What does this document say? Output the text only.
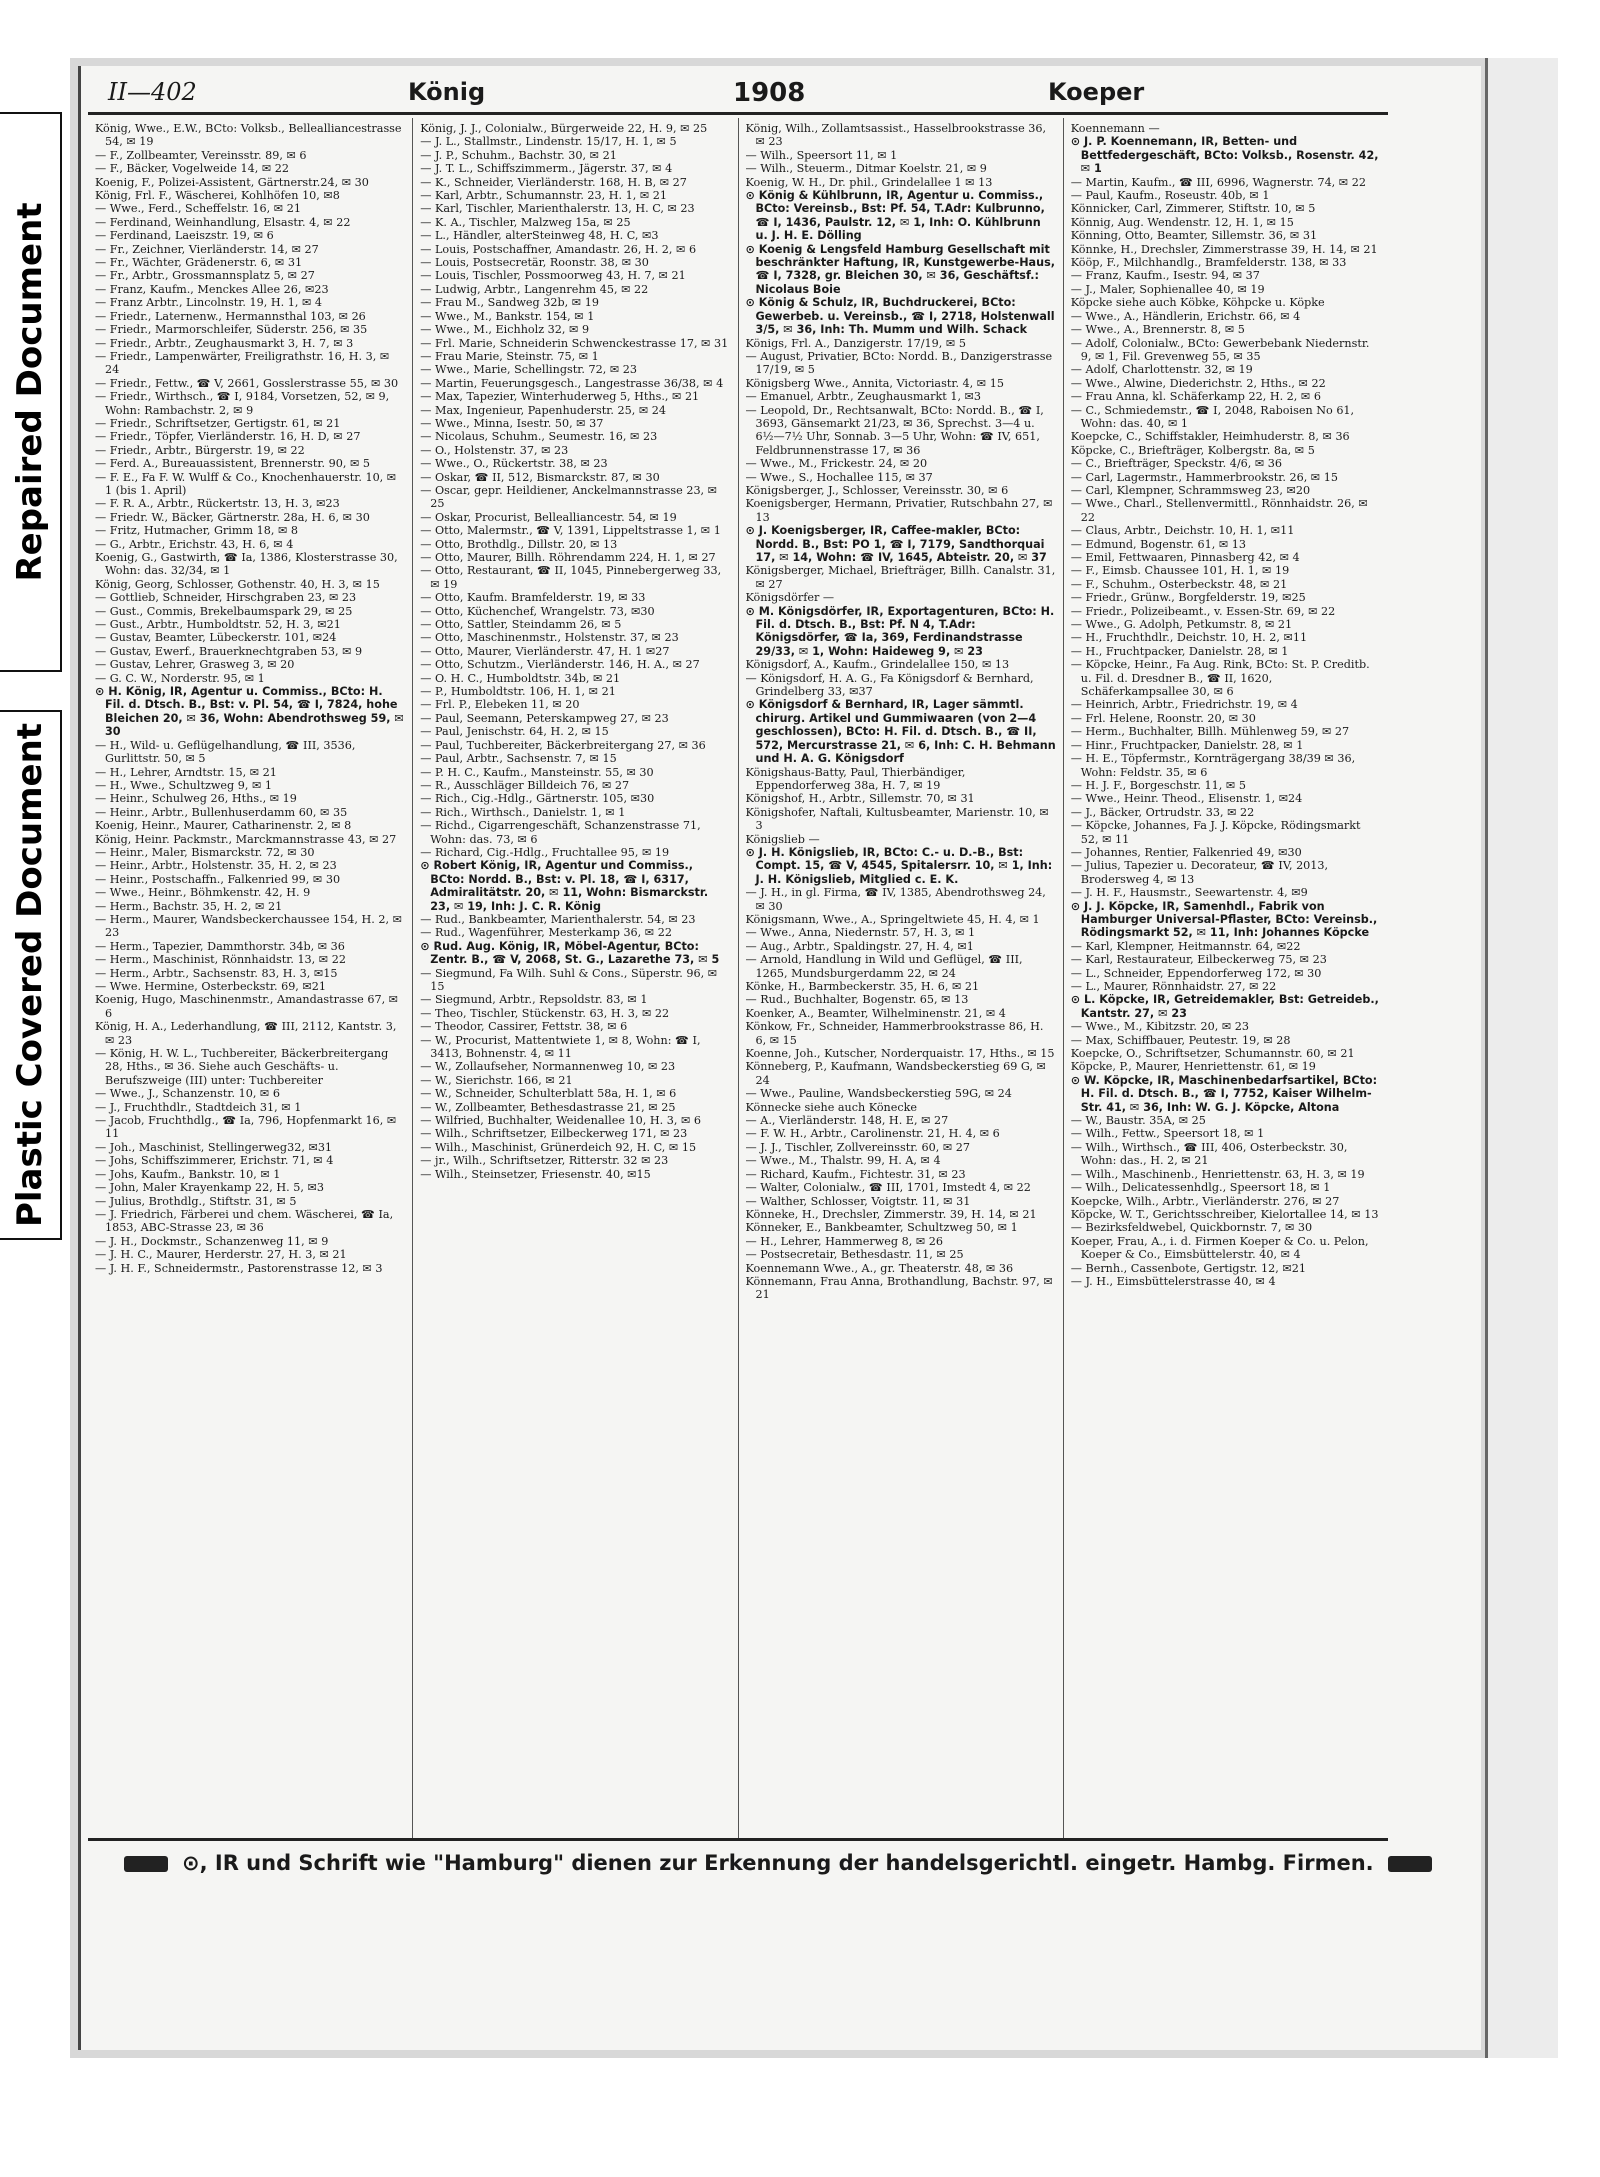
Repaired Document
Plastic Covered Document
II—402	König	1908	Koeper

König, Wwe., E.W., BCto: Volksb., Bellealliancestrasse 54, ✉ 19

— F., Zollbeamter, Vereinsstr. 89, ✉ 6

— F., Bäcker, Vogelweide 14, ✉ 22

Koenig, F., Polizei-Assistent, Gärtnerstr.24, ✉ 30

König, Frl. F., Wäscherei, Kohlhöfen 10, ✉8

— Wwe., Ferd., Scheffelstr. 16, ✉ 21

— Ferdinand, Weinhandlung, Elsastr. 4, ✉ 22

— Ferdinand, Laeiszstr. 19, ✉ 6

— Fr., Zeichner, Vierländerstr. 14, ✉ 27

— Fr., Wächter, Grädenerstr. 6, ✉ 31

— Fr., Arbtr., Grossmannsplatz 5, ✉ 27

— Franz, Kaufm., Menckes Allee 26, ✉23

— Franz Arbtr., Lincolnstr. 19, H. 1, ✉ 4

— Friedr., Laternenw., Hermannsthal 103, ✉ 26

— Friedr., Marmorschleifer, Süderstr. 256, ✉ 35

— Friedr., Arbtr., Zeughausmarkt 3, H. 7, ✉ 3

— Friedr., Lampenwärter, Freiligrathstr. 16, H. 3, ✉ 24

— Friedr., Fettw., ☎ V, 2661, Gosslerstrasse 55, ✉ 30

— Friedr., Wirthsch., ☎ I, 9184, Vorsetzen, 52, ✉ 9, Wohn: Rambachstr. 2, ✉ 9

— Friedr., Schriftsetzer, Gertigstr. 61, ✉ 21

— Friedr., Töpfer, Vierländerstr. 16, H. D, ✉ 27

— Friedr., Arbtr., Bürgerstr. 19, ✉ 22

— Ferd. A., Bureauassistent, Brennerstr. 90, ✉ 5

— F. E., Fa F. W. Wulff & Co., Knochenhauerstr. 10, ✉ 1 (bis 1. April)

— F. R. A., Arbtr., Rückertstr. 13, H. 3, ✉23

— Friedr. W., Bäcker, Gärtnerstr. 28a, H. 6, ✉ 30

— Fritz, Hutmacher, Grimm 18, ✉ 8

— G., Arbtr., Erichstr. 43, H. 6, ✉ 4

Koenig, G., Gastwirth, ☎ Ia, 1386, Klosterstrasse 30, Wohn: das. 32/34, ✉ 1

König, Georg, Schlosser, Gothenstr. 40, H. 3, ✉ 15

— Gottlieb, Schneider, Hirschgraben 23, ✉ 23

— Gust., Commis, Brekelbaumspark 29, ✉ 25

— Gust., Arbtr., Humboldtstr. 52, H. 3, ✉21

— Gustav, Beamter, Lübeckerstr. 101, ✉24

— Gustav, Ewerf., Brauerknechtgraben 53, ✉ 9

— Gustav, Lehrer, Grasweg 3, ✉ 20

— G. C. W., Norderstr. 95, ✉ 1

⊙ H. König, IR, Agentur u. Commiss., BCto: H. Fil. d. Dtsch. B., Bst: v. Pl. 54, ☎ I, 7824, hohe Bleichen 20, ✉ 36, Wohn: Abendrothsweg 59, ✉ 30

— H., Wild- u. Geflügelhandlung, ☎ III, 3536, Gurlittstr. 50, ✉ 5

— H., Lehrer, Arndtstr. 15, ✉ 21

— H., Wwe., Schultzweg 9, ✉ 1

— Heinr., Schulweg 26, Hths., ✉ 19

— Heinr., Arbtr., Bullenhuserdamm 60, ✉ 35

Koenig, Heinr., Maurer, Catharinenstr. 2, ✉ 8

König, Heinr. Packmstr., Marckmannstrasse 43, ✉ 27

— Heinr., Maler, Bismarckstr. 72, ✉ 30

— Heinr., Arbtr., Holstenstr. 35, H. 2, ✉ 23

— Heinr., Postschaffn., Falkenried 99, ✉ 30

— Wwe., Heinr., Böhmkenstr. 42, H. 9

— Herm., Bachstr. 35, H. 2, ✉ 21

— Herm., Maurer, Wandsbeckerchaussee 154, H. 2, ✉ 23

— Herm., Tapezier, Dammthorstr. 34b, ✉ 36

— Herm., Maschinist, Rönnhaidstr. 13, ✉ 22

— Herm., Arbtr., Sachsenstr. 83, H. 3, ✉15

— Wwe. Hermine, Osterbeckstr. 69, ✉21

Koenig, Hugo, Maschinenmstr., Amandastrasse 67, ✉ 6

König, H. A., Lederhandlung, ☎ III, 2112, Kantstr. 3, ✉ 23

— König, H. W. L., Tuchbereiter, Bäckerbreitergang 28, Hths., ✉ 36. Siehe auch Geschäfts- u. Berufszweige (III) unter: Tuchbereiter

— Wwe., J., Schanzenstr. 10, ✉ 6

— J., Fruchthdlr., Stadtdeich 31, ✉ 1

— Jacob, Fruchthdlg., ☎ Ia, 796, Hopfenmarkt 16, ✉ 11

— Joh., Maschinist, Stellingerweg32, ✉31

— Johs, Schiffszimmerer, Erichstr. 71, ✉ 4

— Johs, Kaufm., Bankstr. 10, ✉ 1

— John, Maler Krayenkamp 22, H. 5, ✉3

— Julius, Brothdlg., Stiftstr. 31, ✉ 5

— J. Friedrich, Färberei und chem. Wäscherei, ☎ Ia, 1853, ABC-Strasse 23, ✉ 36

— J. H., Dockmstr., Schanzenweg 11, ✉ 9

— J. H. C., Maurer, Herderstr. 27, H. 3, ✉ 21

— J. H. F., Schneidermstr., Pastorenstrasse 12, ✉ 3

König, J. J., Colonialw., Bürgerweide 22, H. 9, ✉ 25

— J. L., Stallmstr., Lindenstr. 15/17, H. 1, ✉ 5

— J. P., Schuhm., Bachstr. 30, ✉ 21

— J. T. L., Schiffszimmerm., Jägerstr. 37, ✉ 4

— K., Schneider, Vierländerstr. 168, H. B, ✉ 27

— Karl, Arbtr., Schumannstr. 23, H. 1, ✉ 21

— Karl, Tischler, Marienthalerstr. 13, H. C, ✉ 23

— K. A., Tischler, Malzweg 15a, ✉ 25

— L., Händler, alterSteinweg 48, H. C, ✉3

— Louis, Postschaffner, Amandastr. 26, H. 2, ✉ 6

— Louis, Postsecretär, Roonstr. 38, ✉ 30

— Louis, Tischler, Possmoorweg 43, H. 7, ✉ 21

— Ludwig, Arbtr., Langenrehm 45, ✉ 22

— Frau M., Sandweg 32b, ✉ 19

— Wwe., M., Bankstr. 154, ✉ 1

— Wwe., M., Eichholz 32, ✉ 9

— Frl. Marie, Schneiderin Schwenckestrasse 17, ✉ 31

— Frau Marie, Steinstr. 75, ✉ 1

— Wwe., Marie, Schellingstr. 72, ✉ 23

— Martin, Feuerungsgesch., Langestrasse 36/38, ✉ 4

— Max, Tapezier, Winterhuderweg 5, Hths., ✉ 21

— Max, Ingenieur, Papenhuderstr. 25, ✉ 24

— Wwe., Minna, Isestr. 50, ✉ 37

— Nicolaus, Schuhm., Seumestr. 16, ✉ 23

— O., Holstenstr. 37, ✉ 23

— Wwe., O., Rückertstr. 38, ✉ 23

— Oskar, ☎ II, 512, Bismarckstr. 87, ✉ 30

— Oscar, gepr. Heildiener, Anckelmannstrasse 23, ✉ 25

— Oskar, Procurist, Bellealliancestr. 54, ✉ 19

— Otto, Malermstr., ☎ V, 1391, Lippeltstrasse 1, ✉ 1

— Otto, Brothdlg., Dillstr. 20, ✉ 13

— Otto, Maurer, Billh. Röhrendamm 224, H. 1, ✉ 27

— Otto, Restaurant, ☎ II, 1045, Pinnebergerweg 33, ✉ 19

— Otto, Kaufm. Bramfelderstr. 19, ✉ 33

— Otto, Küchenchef, Wrangelstr. 73, ✉30

— Otto, Sattler, Steindamm 26, ✉ 5

— Otto, Maschinenmstr., Holstenstr. 37, ✉ 23

— Otto, Maurer, Vierländerstr. 47, H. 1 ✉27

— Otto, Schutzm., Vierländerstr. 146, H. A., ✉ 27

— O. H. C., Humboldtstr. 34b, ✉ 21

— P., Humboldtstr. 106, H. 1, ✉ 21

— Frl. P., Elebeken 11, ✉ 20

— Paul, Seemann, Peterskampweg 27, ✉ 23

— Paul, Jenischstr. 64, H. 2, ✉ 15

— Paul, Tuchbereiter, Bäckerbreitergang 27, ✉ 36

— Paul, Arbtr., Sachsenstr. 7, ✉ 15

— P. H. C., Kaufm., Mansteinstr. 55, ✉ 30

— R., Ausschläger Billdeich 76, ✉ 27

— Rich., Cig.-Hdlg., Gärtnerstr. 105, ✉30

— Rich., Wirthsch., Danielstr. 1, ✉ 1

— Richd., Cigarrengeschäft, Schanzenstrasse 71, Wohn: das. 73, ✉ 6

— Richard, Cig.-Hdlg., Fruchtallee 95, ✉ 19

⊙ Robert König, IR, Agentur und Commiss., BCto: Nordd. B., Bst: v. Pl. 18, ☎ I, 6317, Admiralitätstr. 20, ✉ 11, Wohn: Bismarckstr. 23, ✉ 19, Inh: J. C. R. König

— Rud., Bankbeamter, Marienthalerstr. 54, ✉ 23

— Rud., Wagenführer, Mesterkamp 36, ✉ 22

⊙ Rud. Aug. König, IR, Möbel-Agentur, BCto: Zentr. B., ☎ V, 2068, St. G., Lazarethe 73, ✉ 5

— Siegmund, Fa Wilh. Suhl & Cons., Süperstr. 96, ✉ 15

— Siegmund, Arbtr., Repsoldstr. 83, ✉ 1

— Theo, Tischler, Stückenstr. 63, H. 3, ✉ 22

— Theodor, Cassirer, Fettstr. 38, ✉ 6

— W., Procurist, Mattentwiete 1, ✉ 8, Wohn: ☎ I, 3413, Bohnenstr. 4, ✉ 11

— W., Zollaufseher, Normannenweg 10, ✉ 23

— W., Sierichstr. 166, ✉ 21

— W., Schneider, Schulterblatt 58a, H. 1, ✉ 6

— W., Zollbeamter, Bethesdastrasse 21, ✉ 25

— Wilfried, Buchhalter, Weidenallee 10, H. 3, ✉ 6

— Wilh., Schriftsetzer, Eilbeckerweg 171, ✉ 23

— Wilh., Maschinist, Grünerdeich 92, H. C, ✉ 15

— jr., Wilh., Schriftsetzer, Ritterstr. 32 ✉ 23

— Wilh., Steinsetzer, Friesenstr. 40, ✉15

König, Wilh., Zollamtsassist., Hasselbrookstrasse 36, ✉ 23

— Wilh., Speersort 11, ✉ 1

— Wilh., Steuerm., Ditmar Koelstr. 21, ✉ 9

Koenig, W. H., Dr. phil., Grindelallee 1 ✉ 13

⊙ König & Kühlbrunn, IR, Agentur u. Commiss., BCto: Vereinsb., Bst: Pf. 54, T.Adr: Kulbrunno, ☎ I, 1436, Paulstr. 12, ✉ 1, Inh: O. Kühlbrunn u. J. H. E. Dölling

⊙ Koenig & Lengsfeld Hamburg Gesellschaft mit beschränkter Haftung, IR, Kunstgewerbe-Haus, ☎ I, 7328, gr. Bleichen 30, ✉ 36, Geschäftsf.: Nicolaus Boie

⊙ König & Schulz, IR, Buchdruckerei, BCto: Gewerbeb. u. Vereinsb., ☎ I, 2718, Holstenwall 3/5, ✉ 36, Inh: Th. Mumm und Wilh. Schack

Königs, Frl. A., Danzigerstr. 17/19, ✉ 5

— August, Privatier, BCto: Nordd. B., Danzigerstrasse 17/19, ✉ 5

Königsberg Wwe., Annita, Victoriastr. 4, ✉ 15

— Emanuel, Arbtr., Zeughausmarkt 1, ✉3

— Leopold, Dr., Rechtsanwalt, BCto: Nordd. B., ☎ I, 3693, Gänsemarkt 21/23, ✉ 36, Sprechst. 3—4 u. 6½—7½ Uhr, Sonnab. 3—5 Uhr, Wohn: ☎ IV, 651, Feldbrunnenstrasse 17, ✉ 36

— Wwe., M., Frickestr. 24, ✉ 20

— Wwe., S., Hochallee 115, ✉ 37

Königsberger, J., Schlosser, Vereinsstr. 30, ✉ 6

Koenigsberger, Hermann, Privatier, Rutschbahn 27, ✉ 13

⊙ J. Koenigsberger, IR, Caffee-makler, BCto: Nordd. B., Bst: PO 1, ☎ I, 7179, Sandthorquai 17, ✉ 14, Wohn: ☎ IV, 1645, Abteistr. 20, ✉ 37

Königsberger, Michael, Briefträger, Billh. Canalstr. 31, ✉ 27

Königsdörfer —

⊙ M. Königsdörfer, IR, Exportagenturen, BCto: H. Fil. d. Dtsch. B., Bst: Pf. N 4, T.Adr: Königsdörfer, ☎ Ia, 369, Ferdinandstrasse 29/33, ✉ 1, Wohn: Haideweg 9, ✉ 23

Königsdorf, A., Kaufm., Grindelallee 150, ✉ 13

— Königsdorf, H. A. G., Fa Königsdorf & Bernhard, Grindelberg 33, ✉37

⊙ Königsdorf & Bernhard, IR, Lager sämmtl. chirurg. Artikel und Gummiwaaren (von 2—4 geschlossen), BCto: H. Fil. d. Dtsch. B., ☎ II, 572, Mercurstrasse 21, ✉ 6, Inh: C. H. Behmann und H. A. G. Königsdorf

Königshaus-Batty, Paul, Thierbändiger, Eppendorferweg 38a, H. 7, ✉ 19

Königshof, H., Arbtr., Sillemstr. 70, ✉ 31

Königshofer, Naftali, Kultusbeamter, Marienstr. 10, ✉ 3

Königslieb —

⊙ J. H. Königslieb, IR, BCto: C.- u. D.-B., Bst: Compt. 15, ☎ V, 4545, Spitalersrr. 10, ✉ 1, Inh: J. H. Königslieb, Mitglied c. E. K.

— J. H., in gl. Firma, ☎ IV, 1385, Abendrothsweg 24, ✉ 30

Königsmann, Wwe., A., Springeltwiete 45, H. 4, ✉ 1

— Wwe., Anna, Niedernstr. 57, H. 3, ✉ 1

— Aug., Arbtr., Spaldingstr. 27, H. 4, ✉1

— Arnold, Handlung in Wild und Geflügel, ☎ III, 1265, Mundsburgerdamm 22, ✉ 24

Könke, H., Barmbeckerstr. 35, H. 6, ✉ 21

— Rud., Buchhalter, Bogenstr. 65, ✉ 13

Koenker, A., Beamter, Wilhelminenstr. 21, ✉ 4

Könkow, Fr., Schneider, Hammerbrookstrasse 86, H. 6, ✉ 15

Koenne, Joh., Kutscher, Norderquaistr. 17, Hths., ✉ 15

Könneberg, P., Kaufmann, Wandsbeckerstieg 69 G, ✉ 24

— Wwe., Pauline, Wandsbeckerstieg 59G, ✉ 24

Könnecke siehe auch Könecke

— A., Vierländerstr. 148, H. E, ✉ 27

— F. W. H., Arbtr., Carolinenstr. 21, H. 4, ✉ 6

— J. J., Tischler, Zollvereinsstr. 60, ✉ 27

— Wwe., M., Thalstr. 99, H. A, ✉ 4

— Richard, Kaufm., Fichtestr. 31, ✉ 23

— Walter, Colonialw., ☎ III, 1701, Imstedt 4, ✉ 22

— Walther, Schlosser, Voigtstr. 11, ✉ 31

Könneke, H., Drechsler, Zimmerstr. 39, H. 14, ✉ 21

Könneker, E., Bankbeamter, Schultzweg 50, ✉ 1

— H., Lehrer, Hammerweg 8, ✉ 26

— Postsecretair, Bethesdastr. 11, ✉ 25

Koennemann Wwe., A., gr. Theaterstr. 48, ✉ 36

Könnemann, Frau Anna, Brothandlung, Bachstr. 97, ✉ 21

Koennemann —

⊙ J. P. Koennemann, IR, Betten- und Bettfedergeschäft, BCto: Volksb., Rosenstr. 42, ✉ 1

— Martin, Kaufm., ☎ III, 6996, Wagnerstr. 74, ✉ 22

— Paul, Kaufm., Roseustr. 40b, ✉ 1

Könnicker, Carl, Zimmerer, Stiftstr. 10, ✉ 5

Könnig, Aug. Wendenstr. 12, H. 1, ✉ 15

Könning, Otto, Beamter, Sillemstr. 36, ✉ 31

Könnke, H., Drechsler, Zimmerstrasse 39, H. 14, ✉ 21

Kööp, F., Milchhandlg., Bramfelderstr. 138, ✉ 33

— Franz, Kaufm., Isestr. 94, ✉ 37

— J., Maler, Sophienallee 40, ✉ 19

Köpcke siehe auch Köbke, Köhpcke u. Köpke

— Wwe., A., Händlerin, Erichstr. 66, ✉ 4

— Wwe., A., Brennerstr. 8, ✉ 5

— Adolf, Colonialw., BCto: Gewerbebank Niedernstr. 9, ✉ 1, Fil. Grevenweg 55, ✉ 35

— Adolf, Charlottenstr. 32, ✉ 19

— Wwe., Alwine, Diederichstr. 2, Hths., ✉ 22

— Frau Anna, kl. Schäferkamp 22, H. 2, ✉ 6

— C., Schmiedemstr., ☎ I, 2048, Raboisen No 61, Wohn: das. 40, ✉ 1

Koepcke, C., Schiffstakler, Heimhuderstr. 8, ✉ 36

Köpcke, C., Briefträger, Kolbergstr. 8a, ✉ 5

— C., Briefträger, Speckstr. 4/6, ✉ 36

— Carl, Lagermstr., Hammerbrookstr. 26, ✉ 15

— Carl, Klempner, Schrammsweg 23, ✉20

— Wwe., Charl., Stellenvermittl., Rönnhaidstr. 26, ✉ 22

— Claus, Arbtr., Deichstr. 10, H. 1, ✉11

— Edmund, Bogenstr. 61, ✉ 13

— Emil, Fettwaaren, Pinnasberg 42, ✉ 4

— F., Eimsb. Chaussee 101, H. 1, ✉ 19

— F., Schuhm., Osterbeckstr. 48, ✉ 21

— Friedr., Grünw., Borgfelderstr. 19, ✉25

— Friedr., Polizeibeamt., v. Essen-Str. 69, ✉ 22

— Wwe., G. Adolph, Petkumstr. 8, ✉ 21

— H., Fruchthdlr., Deichstr. 10, H. 2, ✉11

— H., Fruchtpacker, Danielstr. 28, ✉ 1

— Köpcke, Heinr., Fa Aug. Rink, BCto: St. P. Creditb. u. Fil. d. Dresdner B., ☎ II, 1620, Schäferkampsallee 30, ✉ 6

— Heinrich, Arbtr., Friedrichstr. 19, ✉ 4

— Frl. Helene, Roonstr. 20, ✉ 30

— Herm., Buchhalter, Billh. Mühlenweg 59, ✉ 27

— Hinr., Fruchtpacker, Danielstr. 28, ✉ 1

— H. E., Töpfermstr., Kornträgergang 38/39 ✉ 36, Wohn: Feldstr. 35, ✉ 6

— H. J. F., Borgeschstr. 11, ✉ 5

— Wwe., Heinr. Theod., Elisenstr. 1, ✉24

— J., Bäcker, Ortrudstr. 33, ✉ 22

— Köpcke, Johannes, Fa J. J. Köpcke, Rödingsmarkt 52, ✉ 11

— Johannes, Rentier, Falkenried 49, ✉30

— Julius, Tapezier u. Decorateur, ☎ IV, 2013, Brodersweg 4, ✉ 13

— J. H. F., Hausmstr., Seewartenstr. 4, ✉9

⊙ J. J. Köpcke, IR, Samenhdl., Fabrik von Hamburger Universal-Pflaster, BCto: Vereinsb., Rödingsmarkt 52, ✉ 11, Inh: Johannes Köpcke

— Karl, Klempner, Heitmannstr. 64, ✉22

— Karl, Restaurateur, Eilbeckerweg 75, ✉ 23

— L., Schneider, Eppendorferweg 172, ✉ 30

— L., Maurer, Rönnhaidstr. 27, ✉ 22

⊙ L. Köpcke, IR, Getreidemakler, Bst: Getreideb., Kantstr. 27, ✉ 23

— Wwe., M., Kibitzstr. 20, ✉ 23

— Max, Schiffbauer, Peutestr. 19, ✉ 28

Koepcke, O., Schriftsetzer, Schumannstr. 60, ✉ 21

Köpcke, P., Maurer, Henriettenstr. 61, ✉ 19

⊙ W. Köpcke, IR, Maschinenbedarfsartikel, BCto: H. Fil. d. Dtsch. B., ☎ I, 7752, Kaiser Wilhelm-Str. 41, ✉ 36, Inh: W. G. J. Köpcke, Altona

— W., Baustr. 35A, ✉ 25

— Wilh., Fettw., Speersort 18, ✉ 1

— Wilh., Wirthsch., ☎ III, 406, Osterbeckstr. 30, Wohn: das., H. 2, ✉ 21

— Wilh., Maschinenb., Henriettenstr. 63, H. 3, ✉ 19

— Wilh., Delicatessenhdlg., Speersort 18, ✉ 1

Koepcke, Wilh., Arbtr., Vierländerstr. 276, ✉ 27

Köpcke, W. T., Gerichtsschreiber, Kielortallee 14, ✉ 13

— Bezirksfeldwebel, Quickbornstr. 7, ✉ 30

Koeper, Frau, A., i. d. Firmen Koeper & Co. u. Pelon, Koeper & Co., Eimsbüttelerstr. 40, ✉ 4

— Bernh., Cassenbote, Gertigstr. 12, ✉21

— J. H., Eimsbüttelerstrasse 40, ✉ 4

⊙, IR und Schrift wie "Hamburg" dienen zur Erkennung der handelsgerichtl. eingetr. Hambg. Firmen.
